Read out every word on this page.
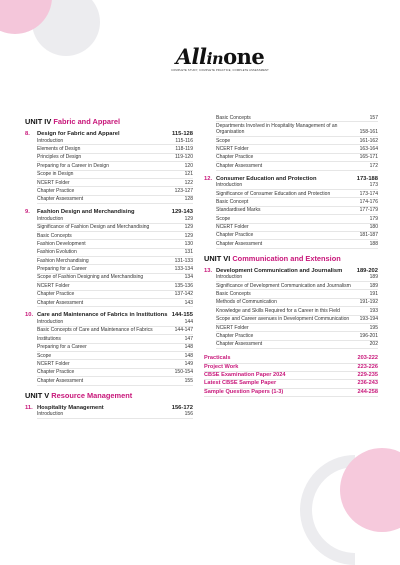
Allinone
COMPLETE STUDY, COMPLETE PRACTICE, COMPLETE ASSESSMENT
UNIT IV Fabric and Apparel
8.	Design for Fabric and Apparel	115-128
Introduction	115-116
Elements of Design	118-119
Principles of Design	119-120
Preparing for a Career in Design	120
Scope in Design	121
NCERT Folder	122
Chapter Practice	123-127
Chapter Assessment	128
9.	Fashion Design and Merchandising	129-143
Introduction	129
Significance of Fashion Design and Merchandising	129
Basic Concepts	129
Fashion Development	130
Fashion Evolution	131
Fashion Merchandising	131-133
Preparing for a Career	133-134
Scope of Fashion Designing and Merchandising	134
NCERT Folder	135-136
Chapter Practice	137-142
Chapter Assessment	143
10. Care and Maintenance of Fabrics in Institutions 144-155
Introduction	144
Basic Concepts of Care and Maintenance of Fabrics	144-147
Institutions	147
Preparing for a Career	148
Scope	148
NCERT Folder	149
Chapter Practice	150-154
Chapter Assessment	155
UNIT V Resource Management
11. Hospitality Management	156-172
Introduction	156
Basic Concepts	157
Departments Involved in Hospitality Management of an Organisation	158-161
Scope	161-162
NCERT Folder	163-164
Chapter Practice	165-171
Chapter Assessment	172
12. Consumer Education and Protection	173-188
Introduction	173
Significance of Consumer Education and Protection	173-174
Basic Concept	174-176
Standardised Marks	177-179
Scope	179
NCERT Folder	180
Chapter Practice	181-187
Chapter Assessment	188
UNIT VI Communication and Extension
13. Development Communication and Journalism	189-202
Introduction	189
Significance of Development Communication and Journalism	189
Basic Concepts	191
Methods of Communication	191-192
Knowledge and Skills Required for a Career in this Field	193
Scope and Career avenues in Development Communication	193-194
NCERT Folder	195
Chapter Practice	196-201
Chapter Assessment	202
Practicals	203-222
Project Work	223-226
CBSE Examination Paper 2024	229-235
Latest CBSE Sample Paper	236-243
Sample Question Papers (1-3)	244-258
